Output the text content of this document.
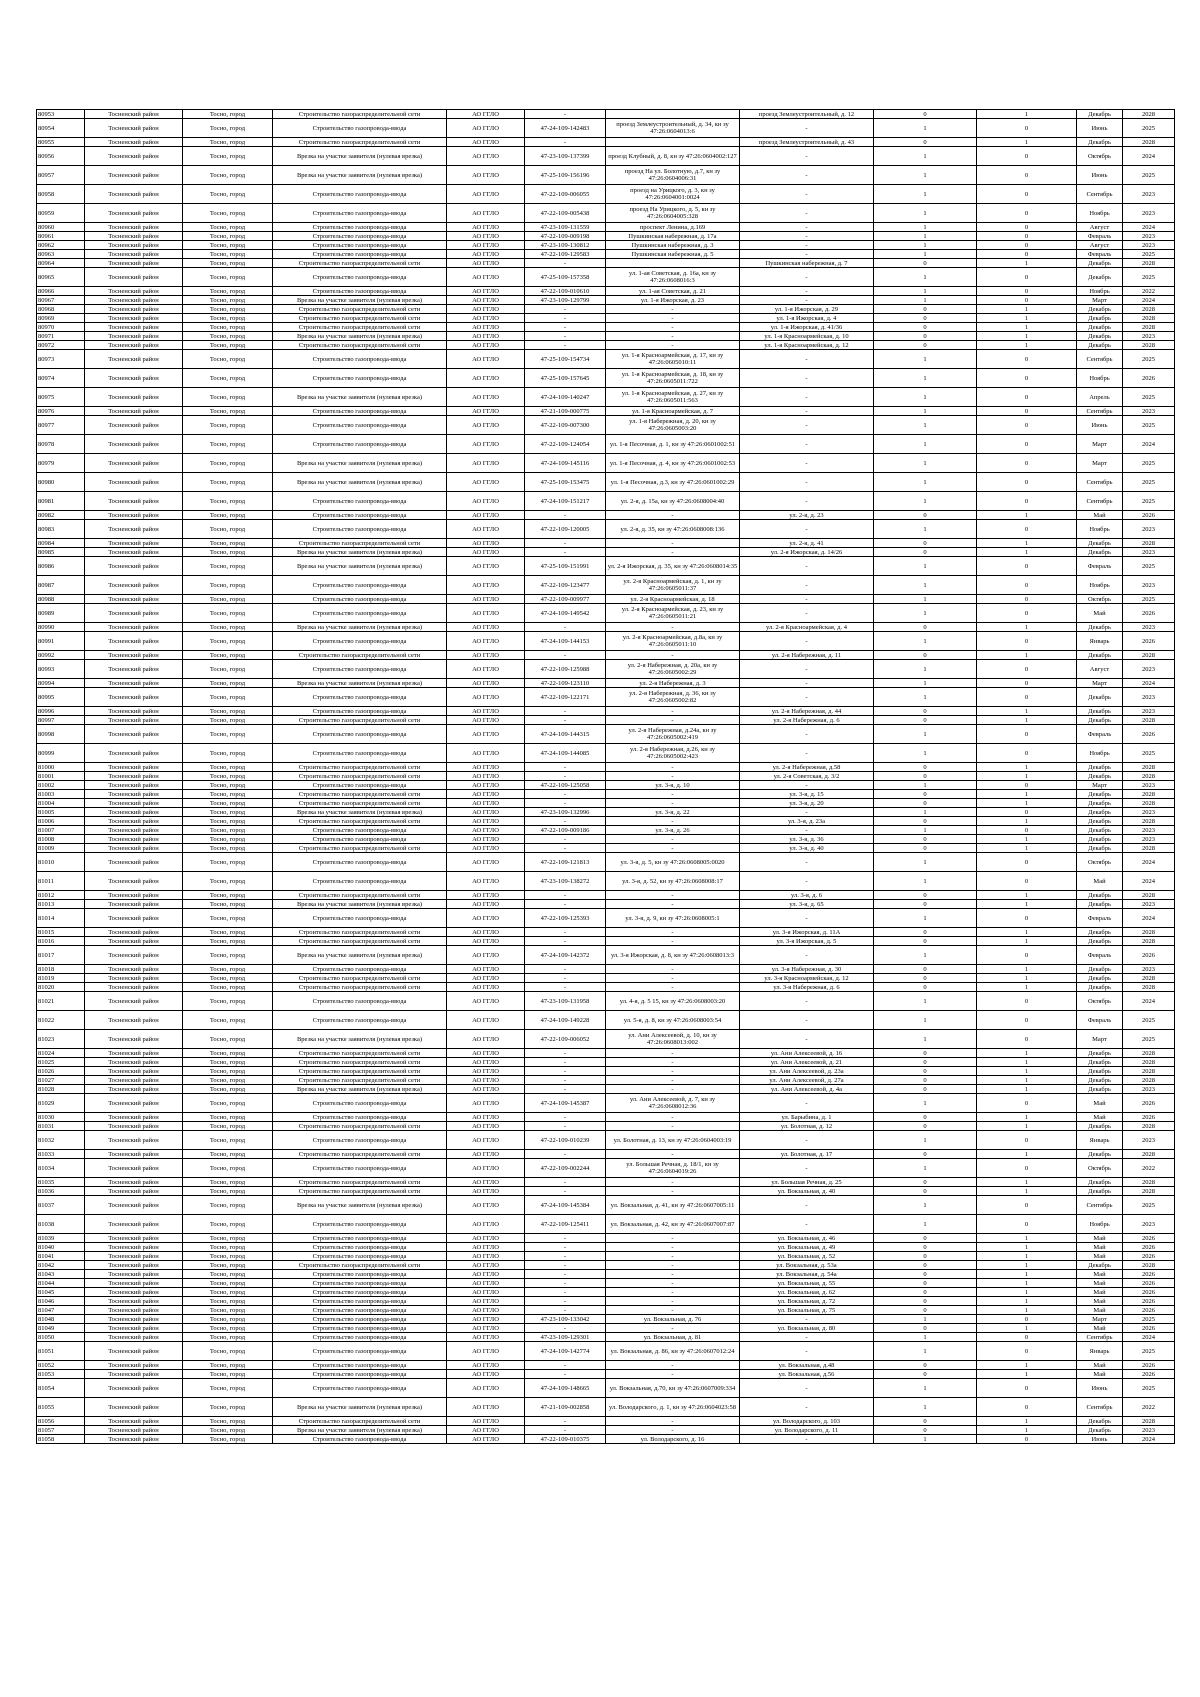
80953	Тосненский район	Тосно, город	Строительство газораспределительной сети	АО ГГЛО	-		проезд Землеустроительный, д. 12	0	1	Декабрь	2028
80954	Тосненский район	Тосно, город	Строительство газопровода-ввода	АО ГГЛО	47-24-109-142483	проезд Землеустроительный, д. 34, кн зу 47:26:0604013:6	-	1	0	Июнь	2025
80955	Тосненский район	Тосно, город	Строительство газораспределительной сети	АО ГГЛО	-		проезд Землеустроительный, д. 43	0	1	Декабрь	2028
80956	Тосненский район	Тосно, город	Врезка на участке заявителя (нулевая врезка)	АО ГГЛО	47-23-109-137399	проезд Клубный, д. 8, кн зу 47:26:0604002:127	-	1	0	Октябрь	2024
80957	Тосненский район	Тосно, город	Врезка на участке заявителя (нулевая врезка)	АО ГГЛО	47-25-109-156196	проезд На ул. Болотную, д.7, кн зу 47:26:0604006:31	-	1	0	Июнь	2025
80958	Тосненский район	Тосно, город	Строительство газопровода-ввода	АО ГГЛО	47-22-109-006055	проезд на Урицкого, д. 3, кн зу 47:26:0604001:0024	-	1	0	Сентябрь	2023
80959	Тосненский район	Тосно, город	Строительство газопровода-ввода	АО ГГЛО	47-22-109-005438	проезд На Урицкого, д. 5, кн зу 47:26:0604005:328	-	1	0	Ноябрь	2023
80960	Тосненский район	Тосно, город	Строительство газопровода-ввода	АО ГГЛО	47-23-109-131559	проспект Ленина, д.169	-	1	0	Август	2024
80961	Тосненский район	Тосно, город	Строительство газопровода-ввода	АО ГГЛО	47-22-109-009198	Пушкинская набережная, д. 17а	-	1	0	Февраль	2023
80962	Тосненский район	Тосно, город	Строительство газопровода-ввода	АО ГГЛО	47-23-109-130812	Пушкинская набережная, д. 3	-	1	0	Август	2023
80963	Тосненский район	Тосно, город	Строительство газопровода-ввода	АО ГГЛО	47-22-109-129583	Пушкинская набережная, д. 5	-	1	0	Февраль	2025
80964	Тосненский район	Тосно, город	Строительство газораспределительной сети	АО ГГЛО	-		Пушкинская набережная, д. 7	0	1	Декабрь	2028
80965	Тосненский район	Тосно, город	Строительство газопровода-ввода	АО ГГЛО	47-25-109-157358	ул. 1-ая Советская, д. 16а, кн зу 47:26:0608016:3	-	1	0	Декабрь	2025
80966	Тосненский район	Тосно, город	Строительство газопровода-ввода	АО ГГЛО	47-22-109-010610	ул. 1-ая Советская, д. 21	-	1	0	Ноябрь	2022
80967	Тосненский район	Тосно, город	Врезка на участке заявителя (нулевая врезка)	АО ГГЛО	47-23-109-129799	ул. 1-я Ижорская, д. 23	-	1	0	Март	2024
80968	Тосненский район	Тосно, город	Строительство газораспределительной сети	АО ГГЛО	-	-	ул. 1-я Ижорская, д. 29	0	1	Декабрь	2028
80969	Тосненский район	Тосно, город	Строительство газораспределительной сети	АО ГГЛО	-	-	ул. 1-я Ижорская, д. 4	0	1	Декабрь	2028
80970	Тосненский район	Тосно, город	Строительство газораспределительной сети	АО ГГЛО	-	-	ул. 1-я Ижорская, д. 41/36	0	1	Декабрь	2028
80971	Тосненский район	Тосно, город	Врезка на участке заявителя (нулевая врезка)	АО ГГЛО	-	-	ул. 1-я Красноармейская, д. 10	0	1	Декабрь	2023
80972	Тосненский район	Тосно, город	Строительство газораспределительной сети	АО ГГЛО	-	-	ул. 1-я Красноармейская, д. 12	0	1	Декабрь	2028
80973	Тосненский район	Тосно, город	Строительство газопровода-ввода	АО ГГЛО	47-25-109-154734	ул. 1-я Красноармейская, д. 17, кн зу 47:26:0605010:11	-	1	0	Сентябрь	2025
80974	Тосненский район	Тосно, город	Строительство газопровода-ввода	АО ГГЛО	47-25-109-157645	ул. 1-я Красноармейская, д. 18, кн зу 47:26:0605011:722	-	1	0	Ноябрь	2026
80975	Тосненский район	Тосно, город	Врезка на участке заявителя (нулевая врезка)	АО ГГЛО	47-24-109-140247	ул. 1-я Красноармейская, д. 27, кн зу 47:26:0605011:563	-	1	0	Апрель	2025
80976	Тосненский район	Тосно, город	Строительство газопровода-ввода	АО ГГЛО	47-21-109-000775	ул. 1-я Красноармейская, д. 7	-	1	0	Сентябрь	2023
80977	Тосненский район	Тосно, город	Строительство газопровода-ввода	АО ГГЛО	47-22-109-007300	ул. 1-я Набережная, д. 20, кн зу 47:26:0605003:20	-	1	0	Июнь	2025
80978	Тосненский район	Тосно, город	Строительство газопровода-ввода	АО ГГЛО	47-22-109-124054	ул. 1-я Песочная, д. 1, кн зу 47:26:0601002:51	-	1	0	Март	2024
80979	Тосненский район	Тосно, город	Врезка на участке заявителя (нулевая врезка)	АО ГГЛО	47-24-109-145116	ул. 1-я Песочная, д. 4, кн зу 47:26:0601002:53	-	1	0	Март	2025
80980	Тосненский район	Тосно, город	Врезка на участке заявителя (нулевая врезка)	АО ГГЛО	47-25-109-153475	ул. 1-я Песочная, д.3, кн зу 47:26:0601002:29	-	1	0	Сентябрь	2025
80981	Тосненский район	Тосно, город	Строительство газопровода-ввода	АО ГГЛО	47-24-109-151217	ул. 2-я, д. 15а, кн зу 47:26:0608004:40	-	1	0	Сентябрь	2025
80982	Тосненский район	Тосно, город	Строительство газопровода-ввода	АО ГГЛО	-	-	ул. 2-я, д. 23	0	1	Май	2026
80983	Тосненский район	Тосно, город	Строительство газопровода-ввода	АО ГГЛО	47-22-109-120005	ул. 2-я, д. 35, кн зу 47:26:0608008:136	-	1	0	Ноябрь	2023
80984	Тосненский район	Тосно, город	Строительство газораспределительной сети	АО ГГЛО	-	-	ул. 2-я, д. 41	0	1	Декабрь	2028
80985	Тосненский район	Тосно, город	Врезка на участке заявителя (нулевая врезка)	АО ГГЛО	-	-	ул. 2-я Ижорская, д. 14/26	0	1	Декабрь	2023
80986	Тосненский район	Тосно, город	Врезка на участке заявителя (нулевая врезка)	АО ГГЛО	47-25-109-151991	ул. 2-я Ижорская, д. 35, кн зу 47:26:0608014:35	-	1	0	Февраль	2025
80987	Тосненский район	Тосно, город	Строительство газопровода-ввода	АО ГГЛО	47-22-109-123477	ул. 2-я Красноармейская, д. 1, кн зу 47:26:0605011:37	-	1	0	Ноябрь	2023
80988	Тосненский район	Тосно, город	Строительство газопровода-ввода	АО ГГЛО	47-22-109-009977	ул. 2-я Красноармейская, д. 18	-	1	0	Октябрь	2025
80989	Тосненский район	Тосно, город	Строительство газопровода-ввода	АО ГГЛО	47-24-109-149542	ул. 2-я Красноармейская, д. 23, кн зу 47:26:0605011:21	-	1	0	Май	2026
80990	Тосненский район	Тосно, город	Врезка на участке заявителя (нулевая врезка)	АО ГГЛО	-	-	ул. 2-я Красноармейская, д. 4	0	1	Декабрь	2023
80991	Тосненский район	Тосно, город	Строительство газопровода-ввода	АО ГГЛО	47-24-109-144153	ул. 2-я Красноармейская, д.8а, кн зу 47:26:0605011:10	-	1	0	Январь	2026
80992	Тосненский район	Тосно, город	Строительство газораспределительной сети	АО ГГЛО	-	-	ул. 2-я Набережная, д. 11	0	1	Декабрь	2028
80993	Тосненский район	Тосно, город	Строительство газопровода-ввода	АО ГГЛО	47-22-109-125988	ул. 2-я Набережная, д. 20а, кн зу 47:26:0605002:29	-	1	0	Август	2023
80994	Тосненский район	Тосно, город	Врезка на участке заявителя (нулевая врезка)	АО ГГЛО	47-22-109-123110	ул. 2-я Набережная, д. 3	-	1	0	Март	2024
80995	Тосненский район	Тосно, город	Строительство газопровода-ввода	АО ГГЛО	47-22-109-122171	ул. 2-я Набережная, д. 36, кн зу 47:26:0605002:82	-	1	0	Декабрь	2023
80996	Тосненский район	Тосно, город	Строительство газопровода-ввода	АО ГГЛО	-	-	ул. 2-я Набережная, д. 44	0	1	Декабрь	2023
80997	Тосненский район	Тосно, город	Строительство газораспределительной сети	АО ГГЛО	-	-	ул. 2-я Набережная, д. 6	0	1	Декабрь	2028
80998	Тосненский район	Тосно, город	Строительство газопровода-ввода	АО ГГЛО	47-24-109-144315	ул. 2-я Набережная, д.24а, кн зу 47:26:0605002:419	-	1	0	Февраль	2026
80999	Тосненский район	Тосно, город	Строительство газопровода-ввода	АО ГГЛО	47-24-109-144085	ул. 2-я Набережная, д.26, кн зу 47:26:0605002:423	-	1	0	Ноябрь	2025
81000	Тосненский район	Тосно, город	Строительство газораспределительной сети	АО ГГЛО	-	-	ул. 2-я Набережная, д.58	0	1	Декабрь	2028
81001	Тосненский район	Тосно, город	Строительство газораспределительной сети	АО ГГЛО	-	-	ул. 2-я Советская, д. 3/2	0	1	Декабрь	2028
81002	Тосненский район	Тосно, город	Строительство газопровода-ввода	АО ГГЛО	47-22-109-125058	ул. 3-я, д. 10	-	1	0	Март	2023
81003	Тосненский район	Тосно, город	Строительство газораспределительной сети	АО ГГЛО	-	-	ул. 3-я, д. 15	0	1	Декабрь	2028
81004	Тосненский район	Тосно, город	Строительство газораспределительной сети	АО ГГЛО	-	-	ул. 3-я, д. 20	0	1	Декабрь	2028
81005	Тосненский район	Тосно, город	Врезка на участке заявителя (нулевая врезка)	АО ГГЛО	47-23-109-132996	ул. 3-я, д. 22	-	1	0	Декабрь	2023
81006	Тосненский район	Тосно, город	Строительство газораспределительной сети	АО ГГЛО	-	-	ул. 3-я, д. 23а	0	1	Декабрь	2028
81007	Тосненский район	Тосно, город	Строительство газопровода-ввода	АО ГГЛО	47-22-109-009186	ул. 3-я, д. 26	-	1	0	Декабрь	2023
81008	Тосненский район	Тосно, город	Строительство газопровода-ввода	АО ГГЛО	-	-	ул. 3-я, д. 36	0	1	Декабрь	2023
81009	Тосненский район	Тосно, город	Строительство газораспределительной сети	АО ГГЛО	-	-	ул. 3-я, д. 40	0	1	Декабрь	2028
81010	Тосненский район	Тосно, город	Строительство газопровода-ввода	АО ГГЛО	47-22-109-121813	ул. 3-я, д. 5, кн зу 47:26:0608005:0020	-	1	0	Октябрь	2024
81011	Тосненский район	Тосно, город	Строительство газопровода-ввода	АО ГГЛО	47-23-109-138272	ул. 3-я, д. 52, кн зу 47:26:0608008:17	-	1	0	Май	2024
81012	Тосненский район	Тосно, город	Строительство газораспределительной сети	АО ГГЛО	-	-	ул. 3-я, д. 6	0	1	Декабрь	2028
81013	Тосненский район	Тосно, город	Врезка на участке заявителя (нулевая врезка)	АО ГГЛО	-	-	ул. 3-я, д. 65	0	1	Декабрь	2023
81014	Тосненский район	Тосно, город	Строительство газопровода-ввода	АО ГГЛО	47-22-109-125393	ул. 3-я, д. 9, кн зу 47:26:0608005:1	-	1	0	Февраль	2024
81015	Тосненский район	Тосно, город	Строительство газораспределительной сети	АО ГГЛО	-	-	ул. 3-я Ижорская, д. 11А	0	1	Декабрь	2028
81016	Тосненский район	Тосно, город	Строительство газораспределительной сети	АО ГГЛО	-	-	ул. 3-я Ижорская, д. 5	0	1	Декабрь	2028
81017	Тосненский район	Тосно, город	Врезка на участке заявителя (нулевая врезка)	АО ГГЛО	47-24-109-142372	ул. 3-я Ижорская, д. 8, кн зу 47:26:0608013:3	-	1	0	Февраль	2026
81018	Тосненский район	Тосно, город	Строительство газопровода-ввода	АО ГГЛО	-	-	ул. 3-я Набережная, д. 30	0	1	Декабрь	2023
81019	Тосненский район	Тосно, город	Строительство газораспределительной сети	АО ГГЛО	-	-	ул. 3-я Красноармейская, д. 12	0	1	Декабрь	2028
81020	Тосненский район	Тосно, город	Строительство газораспределительной сети	АО ГГЛО	-	-	ул. 3-я Набережная, д. 6	0	1	Декабрь	2028
81021	Тосненский район	Тосно, город	Строительство газопровода-ввода	АО ГГЛО	47-23-109-131958	ул. 4-я, д. 5 15, кн зу 47:26:0608003:20	-	1	0	Октябрь	2024
81022	Тосненский район	Тосно, город	Строительство газопровода-ввода	АО ГГЛО	47-24-109-149228	ул. 5-я, д. 8, кн зу 47:26:0608003:54	-	1	0	Февраль	2025
81023	Тосненский район	Тосно, город	Врезка на участке заявителя (нулевая врезка)	АО ГГЛО	47-22-109-006052	ул. Ани Алексеевой, д. 10, кн зу 47:26:0608013:002	-	1	0	Март	2025
81024	Тосненский район	Тосно, город	Строительство газораспределительной сети	АО ГГЛО	-	-	ул. Ани Алексеевой, д. 16	0	1	Декабрь	2028
81025	Тосненский район	Тосно, город	Строительство газораспределительной сети	АО ГГЛО	-	-	ул. Ани Алексеевой, д. 21	0	1	Декабрь	2028
81026	Тосненский район	Тосно, город	Строительство газораспределительной сети	АО ГГЛО	-	-	ул. Ани Алексеевой, д. 23а	0	1	Декабрь	2028
81027	Тосненский район	Тосно, город	Строительство газораспределительной сети	АО ГГЛО	-	-	ул. Ани Алексеевой, д. 27а	0	1	Декабрь	2028
81028	Тосненский район	Тосно, город	Врезка на участке заявителя (нулевая врезка)	АО ГГЛО	-	-	ул. Ани Алексеевой, д. 4а	0	1	Декабрь	2023
81029	Тосненский район	Тосно, город	Строительство газопровода-ввода	АО ГГЛО	47-24-109-145387	ул. Ани Алексеевой, д. 7, кн зу 47:26:0608012:36	-	1	0	Май	2026
81030	Тосненский район	Тосно, город	Строительство газопровода-ввода	АО ГГЛО	-	-	ул. Барыбина, д. 1	0	1	Май	2026
81031	Тосненский район	Тосно, город	Строительство газораспределительной сети	АО ГГЛО	-	-	ул. Болотная, д. 12	0	1	Декабрь	2028
81032	Тосненский район	Тосно, город	Строительство газопровода-ввода	АО ГГЛО	47-22-109-010239	ул. Болотная, д. 13, кн зу 47:26:0604003:19	-	1	0	Январь	2023
81033	Тосненский район	Тосно, город	Строительство газораспределительной сети	АО ГГЛО	-	-	ул. Болотная, д. 17	0	1	Декабрь	2028
81034	Тосненский район	Тосно, город	Строительство газопровода-ввода	АО ГГЛО	47-22-109-002244	ул. Большая Речная, д. 18/1, кн зу 47:26:0604019:26	-	1	0	Октябрь	2022
81035	Тосненский район	Тосно, город	Строительство газораспределительной сети	АО ГГЛО	-	-	ул. Большая Речная, д. 25	0	1	Декабрь	2028
81036	Тосненский район	Тосно, город	Строительство газораспределительной сети	АО ГГЛО	-	-	ул. Вокзальная, д. 40	0	1	Декабрь	2028
81037	Тосненский район	Тосно, город	Врезка на участке заявителя (нулевая врезка)	АО ГГЛО	47-24-109-145384	ул. Вокзальная, д. 41, кн зу 47:26:0607005:11	-	1	0	Сентябрь	2025
81038	Тосненский район	Тосно, город	Строительство газопровода-ввода	АО ГГЛО	47-22-109-125411	ул. Вокзальная, д. 42, кн зу 47:26:0607007:87	-	1	0	Ноябрь	2023
81039	Тосненский район	Тосно, город	Строительство газопровода-ввода	АО ГГЛО	-	-	ул. Вокзальная, д. 46	0	1	Май	2026
81040	Тосненский район	Тосно, город	Строительство газопровода-ввода	АО ГГЛО	-	-	ул. Вокзальная, д. 49	0	1	Май	2026
81041	Тосненский район	Тосно, город	Строительство газопровода-ввода	АО ГГЛО	-	-	ул. Вокзальная, д. 52	0	1	Май	2026
81042	Тосненский район	Тосно, город	Строительство газораспределительной сети	АО ГГЛО	-	-	ул. Вокзальная, д. 53а	0	1	Декабрь	2028
81043	Тосненский район	Тосно, город	Строительство газопровода-ввода	АО ГГЛО	-	-	ул. Вокзальная, д. 54а	0	1	Май	2026
81044	Тосненский район	Тосно, город	Строительство газопровода-ввода	АО ГГЛО	-	-	ул. Вокзальная, д. 55	0	1	Май	2026
81045	Тосненский район	Тосно, город	Строительство газопровода-ввода	АО ГГЛО	-	-	ул. Вокзальная, д. 62	0	1	Май	2026
81046	Тосненский район	Тосно, город	Строительство газопровода-ввода	АО ГГЛО	-	-	ул. Вокзальная, д. 72	0	1	Май	2026
81047	Тосненский район	Тосно, город	Строительство газопровода-ввода	АО ГГЛО	-	-	ул. Вокзальная, д. 75	0	1	Май	2026
81048	Тосненский район	Тосно, город	Строительство газопровода-ввода	АО ГГЛО	47-23-109-133042	ул. Вокзальная, д. 76	-	1	0	Март	2025
81049	Тосненский район	Тосно, город	Строительство газопровода-ввода	АО ГГЛО	-	-	ул. Вокзальная, д. 80	0	1	Май	2026
81050	Тосненский район	Тосно, город	Строительство газопровода-ввода	АО ГГЛО	47-23-109-129301	ул. Вокзальная, д. 81	-	1	0	Сентябрь	2024
81051	Тосненский район	Тосно, город	Строительство газопровода-ввода	АО ГГЛО	47-24-109-142774	ул. Вокзальная, д. 86, кн зу 47:26:0607012:24	-	1	0	Январь	2025
81052	Тосненский район	Тосно, город	Строительство газопровода-ввода	АО ГГЛО	-	-	ул. Вокзальная, д.48	0	1	Май	2026
81053	Тосненский район	Тосно, город	Строительство газопровода-ввода	АО ГГЛО	-	-	ул. Вокзальная, д.56	0	1	Май	2026
81054	Тосненский район	Тосно, город	Строительство газопровода-ввода	АО ГГЛО	47-24-109-148665	ул. Вокзальная, д.70, кн зу 47:26:0607009:334	-	1	0	Июнь	2025
81055	Тосненский район	Тосно, город	Врезка на участке заявителя (нулевая врезка)	АО ГГЛО	47-21-109-002858	ул. Володарского, д. 1, кн зу 47:26:0604023:58	-	1	0	Сентябрь	2022
81056	Тосненский район	Тосно, город	Строительство газораспределительной сети	АО ГГЛО	-	-	ул. Володарского, д. 103	0	1	Декабрь	2028
81057	Тосненский район	Тосно, город	Врезка на участке заявителя (нулевая врезка)	АО ГГЛО	-	-	ул. Володарского, д. 11	0	1	Декабрь	2023
81058	Тосненский район	Тосно, город	Строительство газопровода-ввода	АО ГГЛО	47-22-109-010375	ул. Володарского, д. 16	-	1	0	Июнь	2024
